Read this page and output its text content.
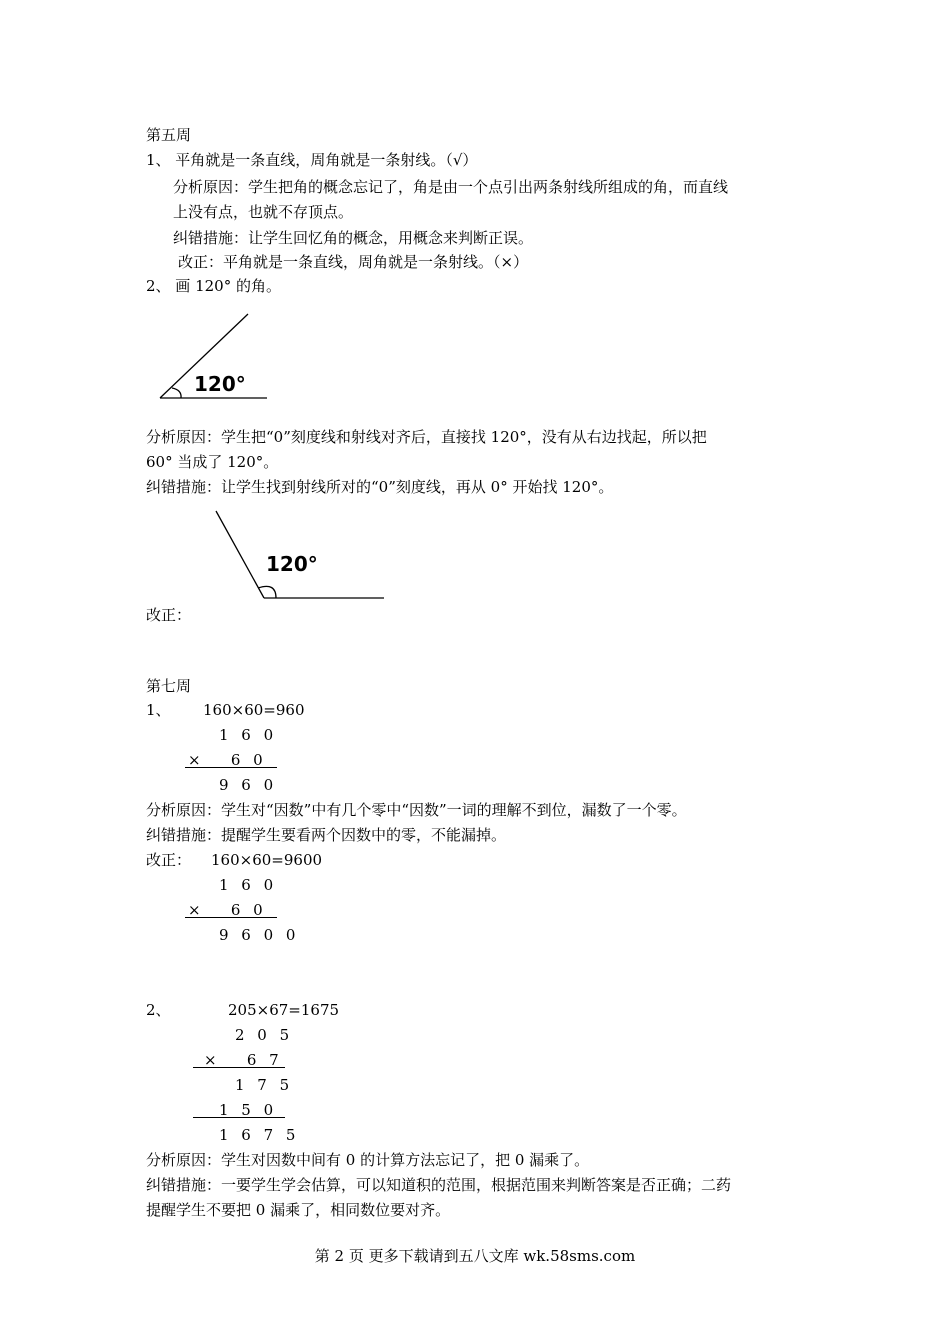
第五周
1、 平角就是一条直线，周角就是一条射线。（√）
分析原因：学生把角的概念忘记了，角是由一个点引出两条射线所组成的角，而直线
上没有点，也就不存顶点。
纠错措施：让学生回忆角的概念，用概念来判断正误。
改正：平角就是一条直线，周角就是一条射线。（×）
2、 画 120° 的角。
120°
分析原因：学生把“0”刻度线和射线对齐后，直接找 120°，没有从右边找起，所以把
60° 当成了 120°。
纠错措施：让学生找到射线所对的“0”刻度线，再从 0° 开始找 120°。
120°
改正：
第七周
1、 160×60=960
1 6 0
×   6 0
9 6 0
分析原因：学生对“因数”中有几个零中“因数”一词的理解不到位，漏数了一个零。
纠错措施：提醒学生要看两个因数中的零，不能漏掉。
改正： 160×60=9600
1 6 0
×   6 0
9 6 0 0
2、	205×67=1675
2 0 5
×   6 7
1 7 5
1 5 0
1 6 7 5
分析原因：学生对因数中间有 0 的计算方法忘记了，把 0 漏乘了。
纠错措施：一要学生学会估算，可以知道积的范围，根据范围来判断答案是否正确；二药
提醒学生不要把 0 漏乘了，相同数位要对齐。
第 2 页 更多下载请到五八文库 wk.58sms.com
